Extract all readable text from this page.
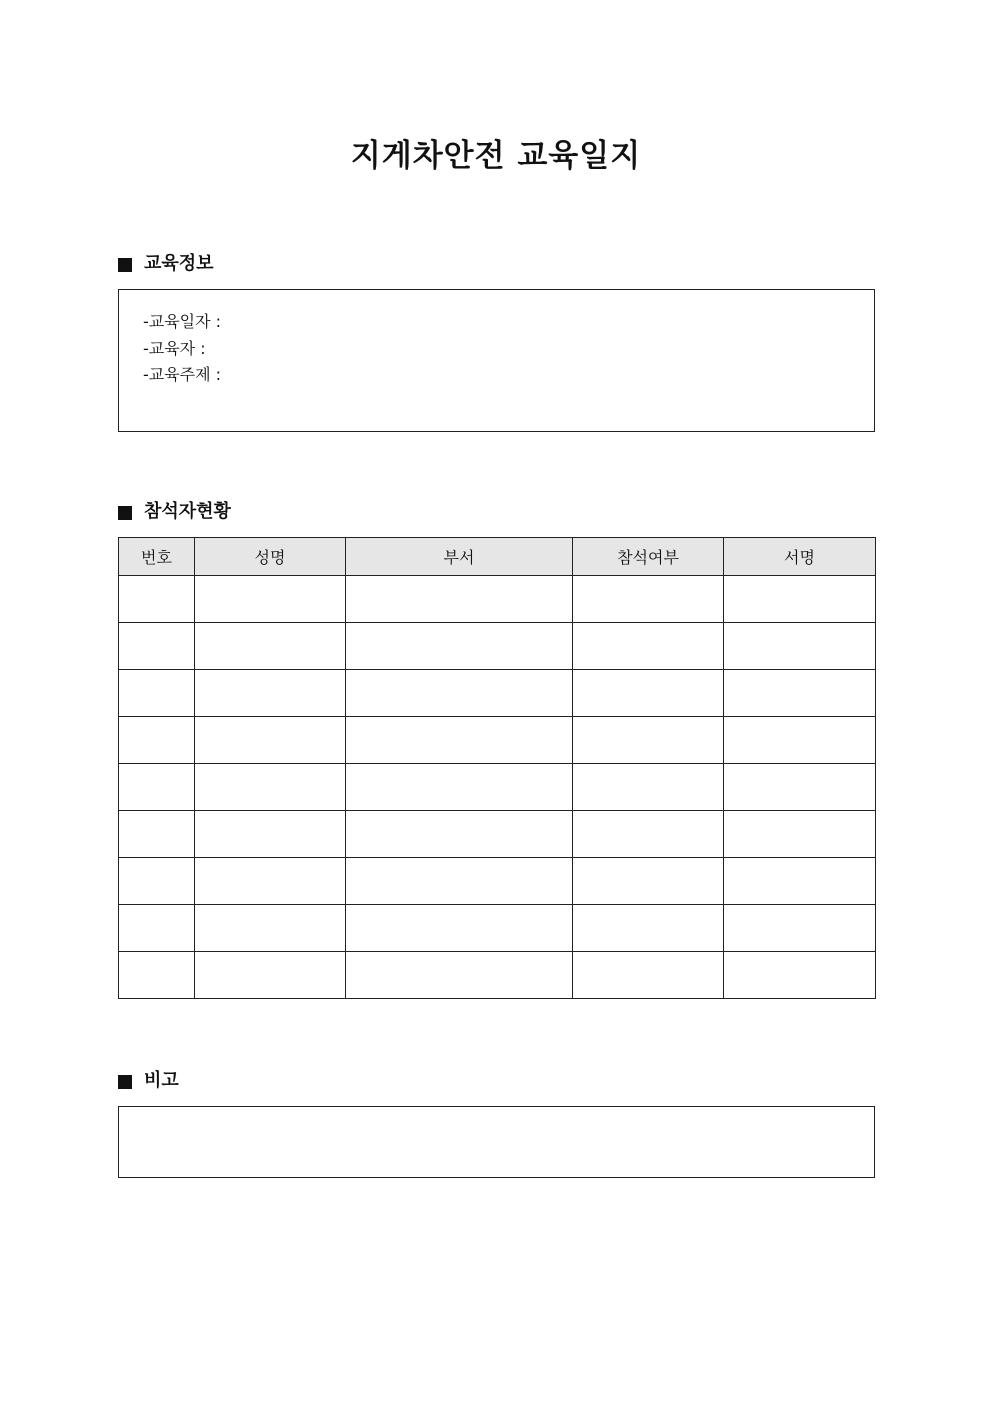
지게차안전 교육일지
교육정보
-교육일자 :
-교육자 :
-교육주제 :
참석자현황
번호	성명	부서	참석여부	서명

비고
